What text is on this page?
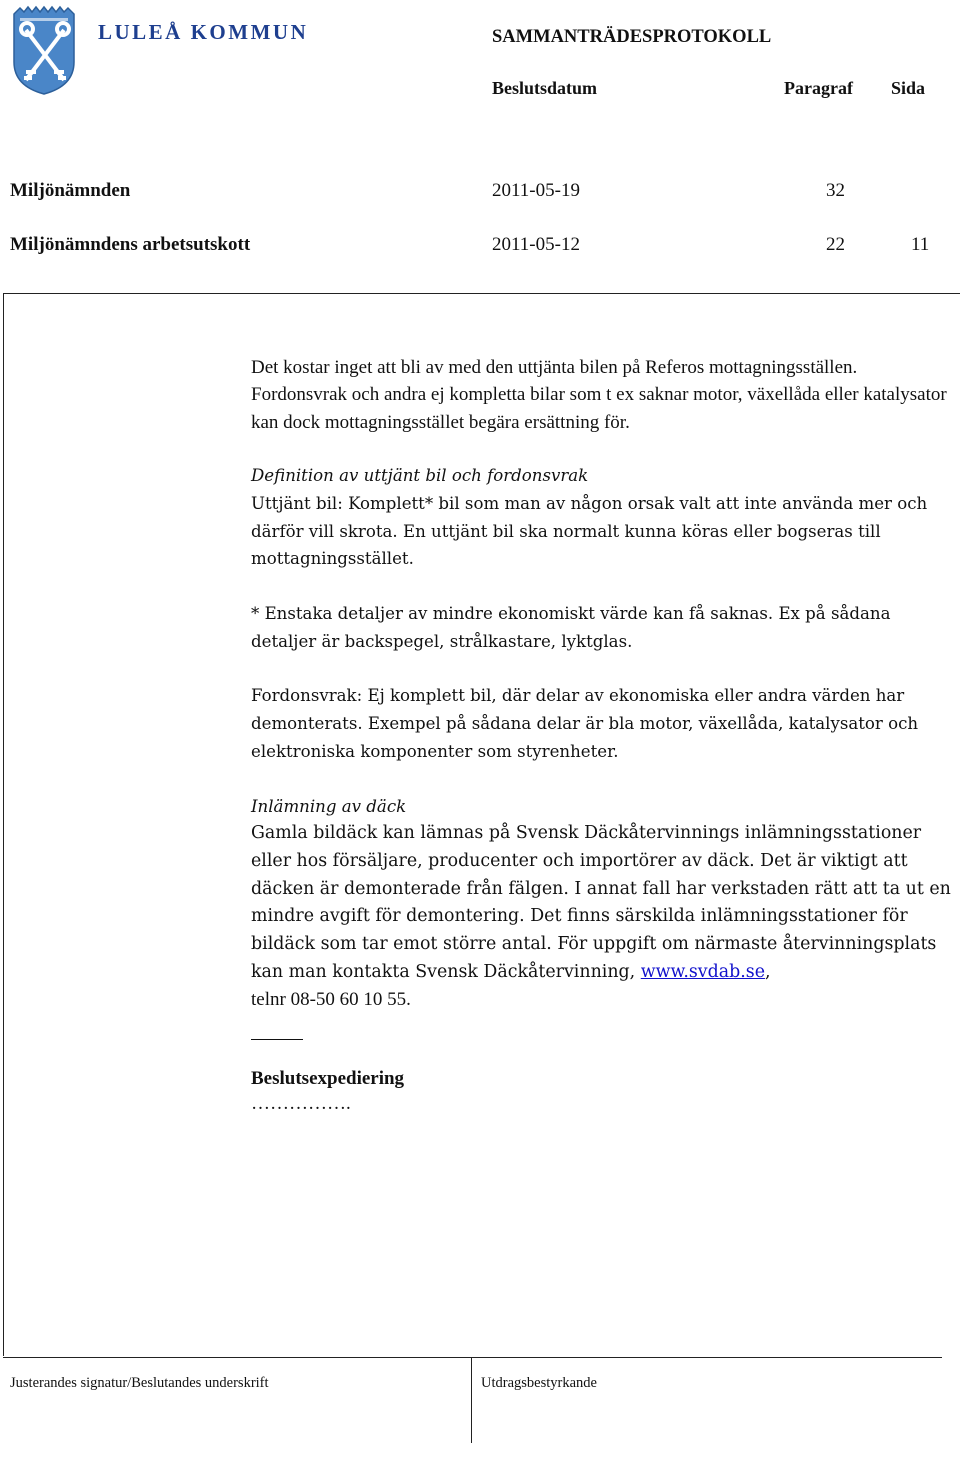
LULEÅ KOMMUN	SAMMANTRÄDESPROTOKOLL
Beslutsdatum	Paragraf Sida
Miljönämnden	2011-05-19	32
Miljönämndens arbetsutskott	2011-05-12	22	11

Det kostar inget att bli av med den uttjänta bilen på Referos mottagningsställen. Fordonsvrak och andra ej kompletta bilar som t ex saknar motor, växellåda eller katalysator kan dock mottagningsstället begära ersättning för.

Definition av uttjänt bil och fordonsvrak

Uttjänt bil: Komplett* bil som man av någon orsak valt att inte använda mer och därför vill skrota. En uttjänt bil ska normalt kunna köras eller bogseras till mottagningsstället.

* Enstaka detaljer av mindre ekonomiskt värde kan få saknas. Ex på sådana detaljer är backspegel, strålkastare, lyktglas.

Fordonsvrak: Ej komplett bil, där delar av ekonomiska eller andra värden har demonterats. Exempel på sådana delar är bla motor, växellåda, katalysator och elektroniska komponenter som styrenheter.

Inlämning av däck

Gamla bildäck kan lämnas på Svensk Däckåtervinnings inlämningsstationer eller hos försäljare, producenter och importörer av däck. Det är viktigt att däcken är demonterade från fälgen. I annat fall har verkstaden rätt att ta ut en mindre avgift för demontering. Det finns särskilda inlämningsstationer för bildäck som tar emot större antal. För uppgift om närmaste återvinningsplats kan man kontakta Svensk Däckåtervinning, www.svdab.se,

telnr 08-50 60 10 55.

Beslutsexpediering

…………….

Justerandes signatur/Beslutandes underskrift	Utdragsbestyrkande
